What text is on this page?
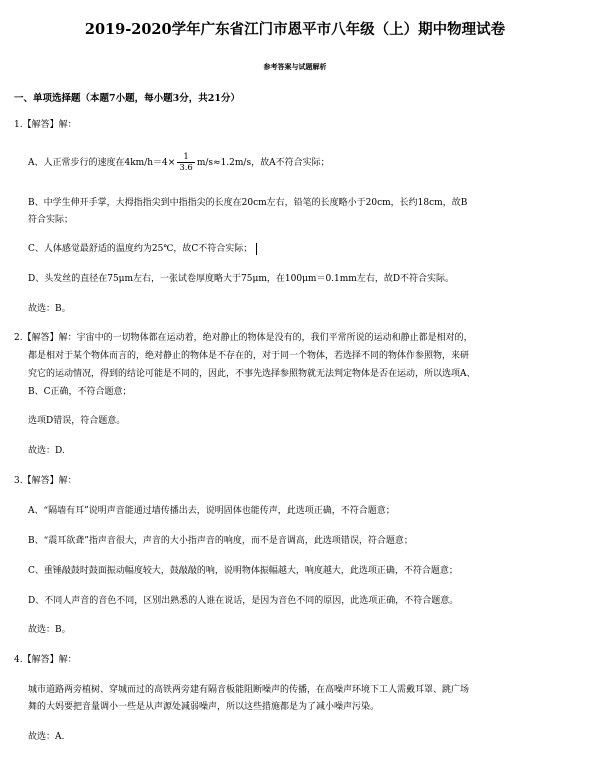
2019-2020学年广东省江门市恩平市八年级（上）期中物理试卷
参考答案与试题解析
一、单项选择题（本题7小题，每小题3分，共21分）
1.【解答】解：
A、人正常步行的速度在$4km/h=4\times \frac{1}{3.6} m/s\approx 1.2m/s$，故A不符合实际；
B、中学生伸开手掌，大拇指指尖到中指指尖的长度在20cm左右，铅笔的长度略小于20cm，长约18cm，故B
符合实际；
C、人体感觉最舒适的温度约为25℃，故C不符合实际；
D、头发丝的直径在75μm左右，一张试卷厚度略大于75μm，在100μm＝0.1mm左右，故D不符合实际。
故选：B。
2.【解答】解：宇宙中的一切物体都在运动着，绝对静止的物体是没有的，我们平常所说的运动和静止都是相对的，
都是相对于某个物体而言的，绝对静止的物体是不存在的，对于同一个物体，若选择不同的物体作参照物，来研
究它的运动情况，得到的结论可能是不同的，因此，不事先选择参照物就无法判定物体是否在运动，所以选项A、
B、C正确，不符合题意；
选项D错误，符合题意。
故选：D.
3.【解答】解：
A、“隔墙有耳”说明声音能通过墙传播出去，说明固体也能传声，此选项正确，不符合题意；
B、“震耳欲聋”指声音很大，声音的大小指声音的响度，而不是音调高，此选项错误，符合题意；
C、重锤敲鼓时鼓面振动幅度较大，鼓敲敲的响，说明物体振幅越大，响度越大，此选项正确，不符合题意；
D、不同人声音的音色不同，区别出熟悉的人谁在说话，是因为音色不同的原因，此选项正确，不符合题意。
故选：B。
4.【解答】解：
城市道路两旁植树、穿城而过的高铁两旁建有隔音板能阻断噪声的传播，在高噪声环境下工人需戴耳罩、跳广场
舞的大妈要把音量调小一些是从声源处减弱噪声，所以这些措施都是为了减小噪声污染。
故选：A.
